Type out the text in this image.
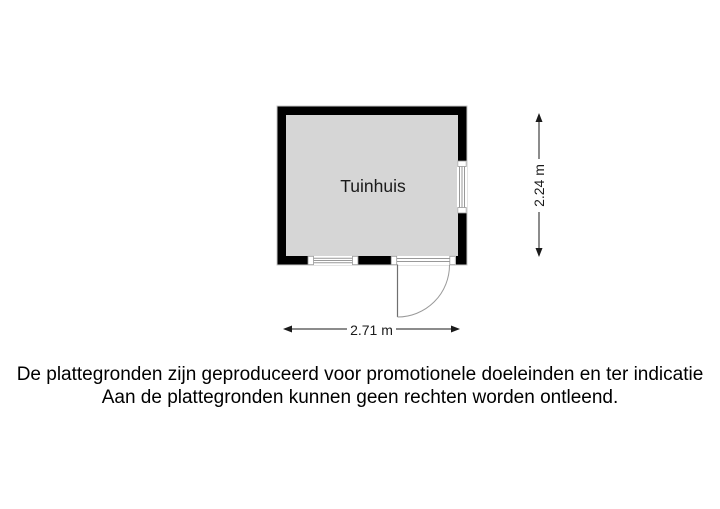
Tuinhuis
2.71 m
2.24 m
De plattegronden zijn geproduceerd voor promotionele doeleinden en ter indicatie
Aan de plattegronden kunnen geen rechten worden ontleend.
